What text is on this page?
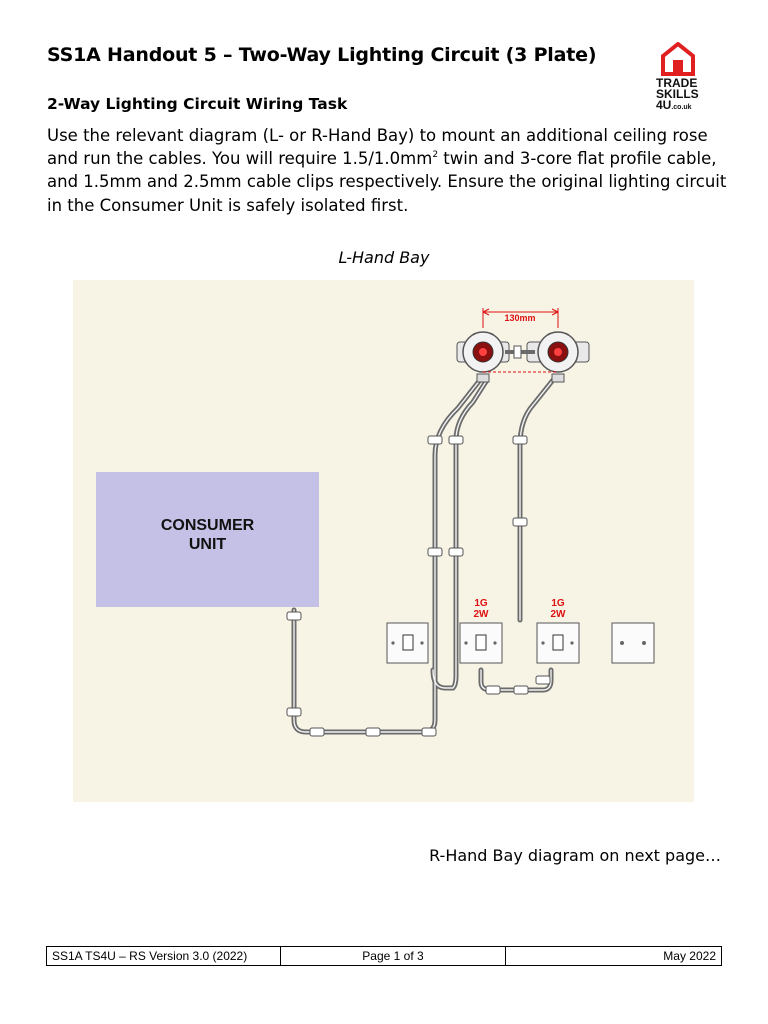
SS1A Handout 5 – Two-Way Lighting Circuit (3 Plate)
TRADE
SKILLS
4U.co.uk
2-Way Lighting Circuit Wiring Task
Use the relevant diagram (L- or R-Hand Bay) to mount an additional ceiling rose and run the cables. You will require $1.5/1.0mm^2$ twin and 3-core flat profile cable, and 1.5mm and 2.5mm cable clips respectively. Ensure the original lighting circuit in the Consumer Unit is safely isolated first.
L-Hand Bay
CONSUMER
UNIT
130mm
1G
2W
1G
2W
R-Hand Bay diagram on next page…
SS1A TS4U – RS Version 3.0 (2022)	Page 1 of 3	May 2022
